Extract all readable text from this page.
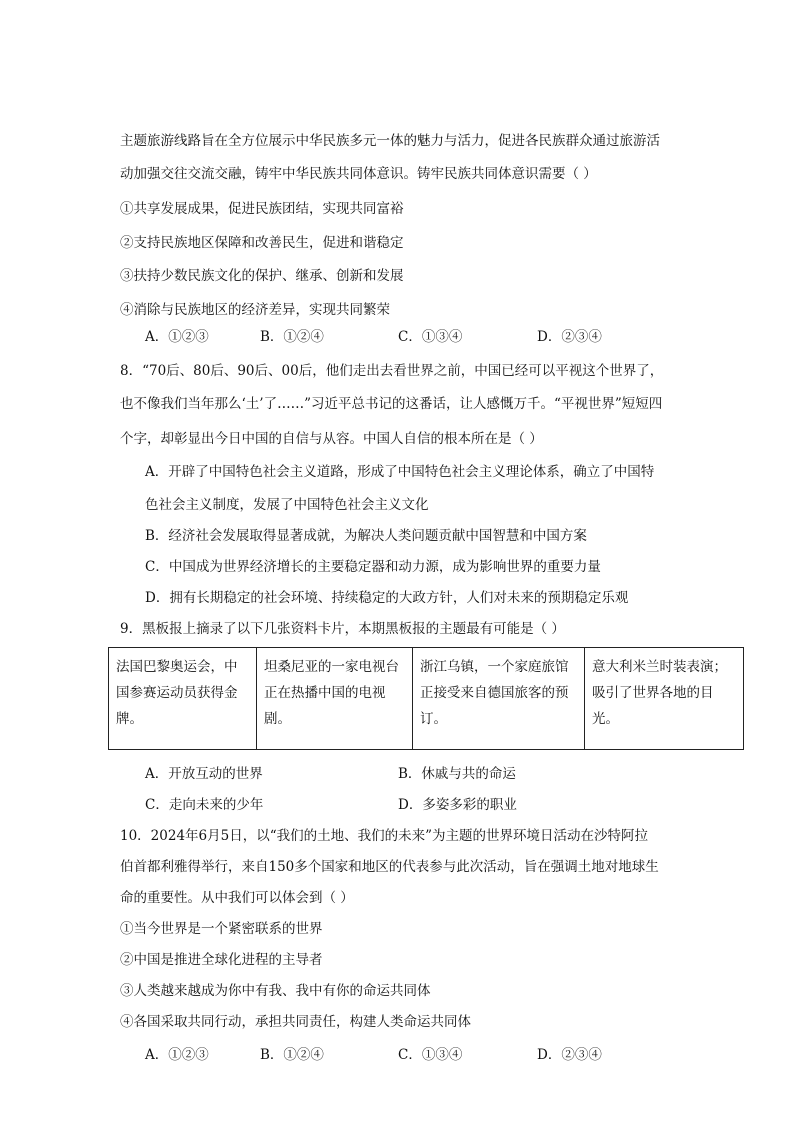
主题旅游线路旨在全方位展示中华民族多元一体的魅力与活力，促进各民族群众通过旅游活
动加强交往交流交融，铸牢中华民族共同体意识。铸牢民族共同体意识需要（ ）
①共享发展成果，促进民族团结，实现共同富裕
②支持民族地区保障和改善民生，促进和谐稳定
③扶持少数民族文化的保护、继承、创新和发展
④消除与民族地区的经济差异，实现共同繁荣
A．①②③	B．①②④	C．①③④	D．②③④
8．“70后、80后、90后、00后，他们走出去看世界之前，中国已经可以平视这个世界了，
也不像我们当年那么‘土’了……”习近平总书记的这番话，让人感慨万千。“平视世界”短短四
个字，却彰显出今日中国的自信与从容。中国人自信的根本所在是（ ）
A．开辟了中国特色社会主义道路，形成了中国特色社会主义理论体系，确立了中国特
色社会主义制度，发展了中国特色社会主义文化
B．经济社会发展取得显著成就，为解决人类问题贡献中国智慧和中国方案
C．中国成为世界经济增长的主要稳定器和动力源，成为影响世界的重要力量
D．拥有长期稳定的社会环境、持续稳定的大政方针，人们对未来的预期稳定乐观
9．黑板报上摘录了以下几张资料卡片，本期黑板报的主题最有可能是（ ）
法国巴黎奥运会，中国参赛运动员获得金牌。	坦桑尼亚的一家电视台正在热播中国的电视剧。	浙江乌镇，一个家庭旅馆正接受来自德国旅客的预订。	意大利米兰时装表演；吸引了世界各地的目光。
A．开放互动的世界	B．休戚与共的命运
C．走向未来的少年	D．多姿多彩的职业
10．2024年6月5日，以“我们的土地、我们的未来”为主题的世界环境日活动在沙特阿拉
伯首都利雅得举行，来自150多个国家和地区的代表参与此次活动，旨在强调土地对地球生
命的重要性。从中我们可以体会到（ ）
①当今世界是一个紧密联系的世界
②中国是推进全球化进程的主导者
③人类越来越成为你中有我、我中有你的命运共同体
④各国采取共同行动，承担共同责任，构建人类命运共同体
A．①②③	B．①②④	C．①③④	D．②③④
